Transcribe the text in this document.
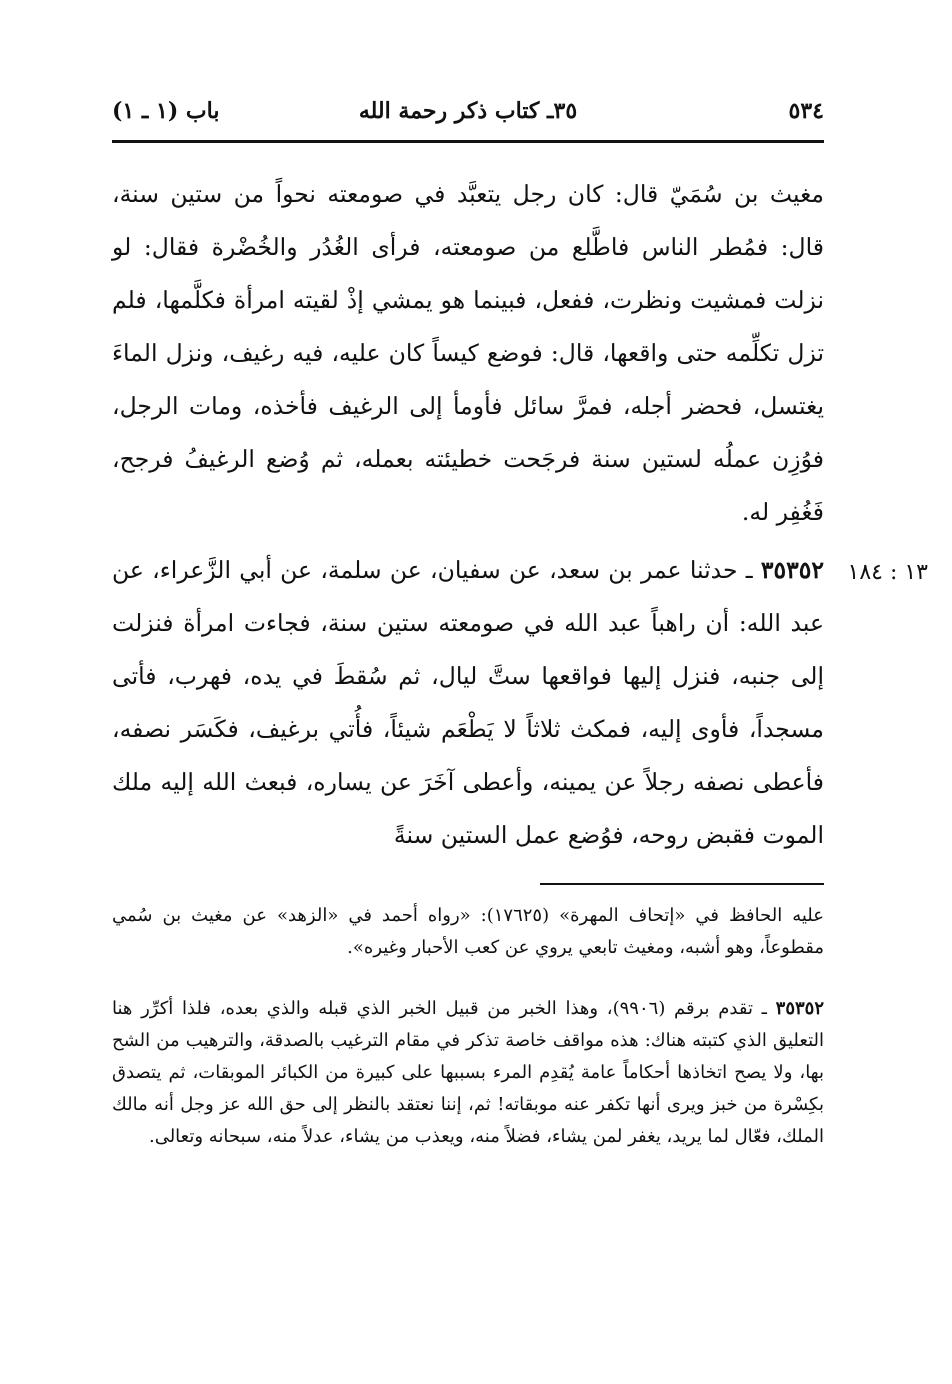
٥٣٤
٣٥ـ كتاب ذكر رحمة الله
باب (١ ـ ١)

مغيث بن سُمَيّ قال: كان رجل يتعبَّد في صومعته نحواً من ستين سنة، قال: فمُطر الناس فاطَّلع من صومعته، فرأى الغُدُر والخُضْرة فقال: لو نزلت فمشيت ونظرت، ففعل، فبينما هو يمشي إذْ لقيته امرأة فكلَّمها، فلم تزل تكلِّمه حتى واقعها، قال: فوضع كيساً كان عليه، فيه رغيف، ونزل الماءَ يغتسل، فحضر أجله، فمرَّ سائل فأومأ إلى الرغيف فأخذه، ومات الرجل، فوُزِن عملُه لستين سنة فرجَحت خطيئته بعمله، ثم وُضع الرغيفُ فرجح، فَغُفِر له.

١٣ : ١٨٤

٣٥٣٥٢ ـ حدثنا عمر بن سعد، عن سفيان، عن سلمة، عن أبي الزَّعراء، عن عبد الله: أن راهباً عبد الله في صومعته ستين سنة، فجاءت امرأة فنزلت إلى جنبه، فنزل إليها فواقعها ستَّ ليال، ثم سُقطَ في يده، فهرب، فأتى مسجداً، فأوى إليه، فمكث ثلاثاً لا يَطْعَم شيئاً، فأُتي برغيف، فكَسَر نصفه، فأعطى نصفه رجلاً عن يمينه، وأعطى آخَرَ عن يساره، فبعث الله إليه ملك الموت فقبض روحه، فوُضع عمل الستين سنةً

عليه الحافظ في «إتحاف المهرة» (١٧٦٢٥): «رواه أحمد في «الزهد» عن مغيث بن سُمي مقطوعاً، وهو أشبه، ومغيث تابعي يروي عن كعب الأحبار وغيره».

٣٥٣٥٢ ـ تقدم برقم (٩٩٠٦)، وهذا الخبر من قبيل الخبر الذي قبله والذي بعده، فلذا أكرِّر هنا التعليق الذي كتبته هناك: هذه مواقف خاصة تذكر في مقام الترغيب بالصدقة، والترهيب من الشح بها، ولا يصح اتخاذها أحكاماً عامة يُقدِم المرء بسببها على كبيرة من الكبائر الموبقات، ثم يتصدق بكِسْرة من خبز ويرى أنها تكفر عنه موبقاته! ثم، إننا نعتقد بالنظر إلى حق الله عز وجل أنه مالك الملك، فعّال لما يريد، يغفر لمن يشاء، فضلاً منه، ويعذب من يشاء، عدلاً منه، سبحانه وتعالى.
